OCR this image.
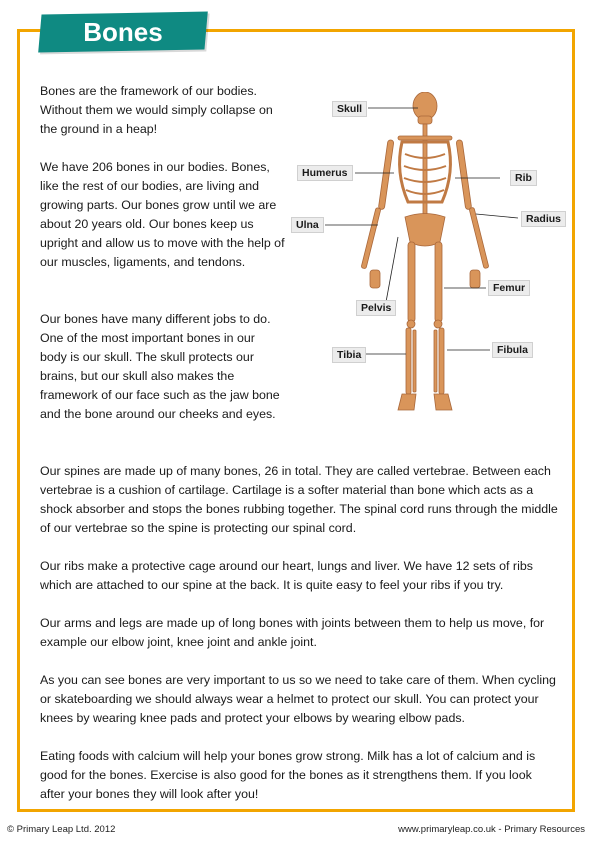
Bones

Bones are the framework of our bodies. Without them we would simply collapse on the ground in a heap!

We have 206 bones in our bodies. Bones, like the rest of our bodies, are living and growing parts. Our bones grow until we are about 20 years old. Our bones keep us upright and allow us to move with the help of our muscles, ligaments, and tendons.

Our bones have many different jobs to do. One of the most important bones in our body is our skull. The skull protects our brains, but our skull also makes the framework of our face such as the jaw bone and the bone around our cheeks and eyes.

Our spines are made up of many bones, 26 in total. They are called vertebrae. Between each vertebrae is a cushion of cartilage. Cartilage is a softer material than bone which acts as a shock absorber and stops the bones rubbing together. The spinal cord runs through the middle of our vertebrae so the spine is protecting our spinal cord.

Our ribs make a protective cage around our heart, lungs and liver. We have 12 sets of ribs which are attached to our spine at the back. It is quite easy to feel your ribs if you try.

Our arms and legs are made up of long bones with joints between them to help us move, for example our elbow joint, knee joint and ankle joint.

As you can see bones are very important to us so we need to take care of them. When cycling or skateboarding we should always wear a helmet to protect our skull. You can protect your knees by wearing knee pads and protect your elbows by wearing elbow pads.

Eating foods with calcium will help your bones grow strong. Milk has a lot of calcium and is good for the bones. Exercise is also good for the bones as it strengthens them. If you look after your bones they will look after you!

Skull
Humerus	Rib
Ulna	Radius
Femur
Pelvis
Tibia	Fibula
© Primary Leap Ltd. 2012	www.primaryleap.co.uk - Primary Resources
